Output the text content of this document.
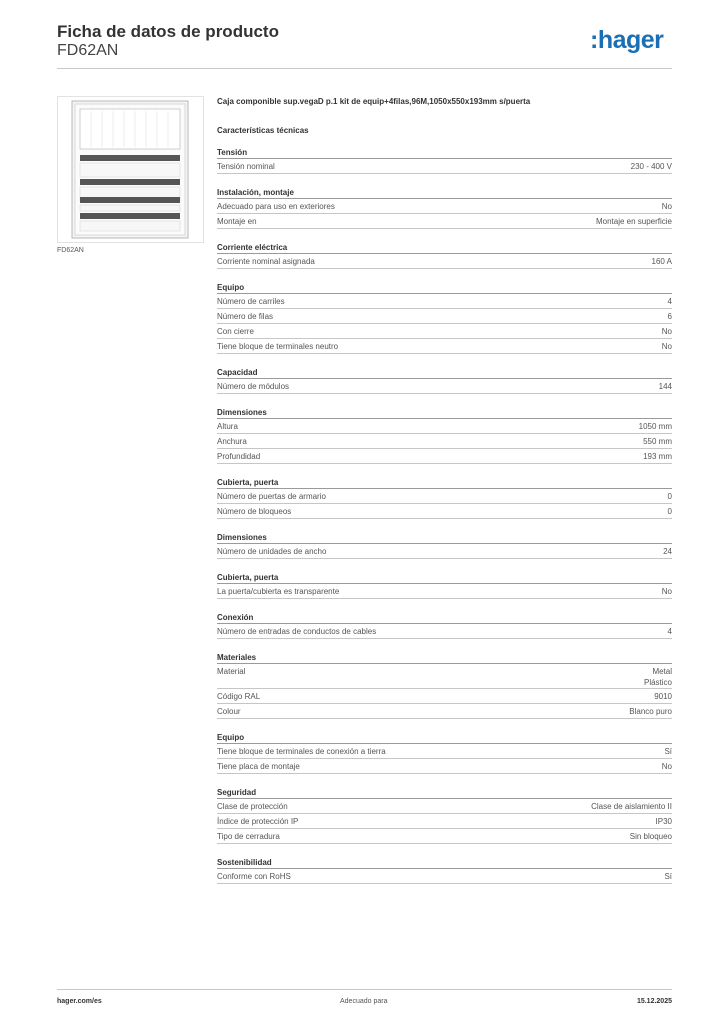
Ficha de datos de producto
FD62AN	:hager
FD62AN
Caja componible sup.vegaD p.1 kit de equip+4filas,96M,1050x550x193mm s/puerta
Características técnicas
Tensión
Tensión nominal	230 - 400 V
Instalación, montaje
Adecuado para uso en exteriores	No
Montaje en	Montaje en superficie
Corriente eléctrica
Corriente nominal asignada	160 A
Equipo
Número de carriles	4
Número de filas	6
Con cierre	No
Tiene bloque de terminales neutro	No
Capacidad
Número de módulos	144
Dimensiones
Altura	1050 mm
Anchura	550 mm
Profundidad	193 mm
Cubierta, puerta
Número de puertas de armario	0
Número de bloqueos	0
Dimensiones
Número de unidades de ancho	24
Cubierta, puerta
La puerta/cubierta es transparente	No
Conexión
Número de entradas de conductos de cables	4
Materiales
Material	Metal
Plástico
Código RAL	9010
Colour	Blanco puro
Equipo
Tiene bloque de terminales de conexión a tierra	Sí
Tiene placa de montaje	No
Seguridad
Clase de protección	Clase de aislamiento II
Índice de protección IP	IP30
Tipo de cerradura	Sin bloqueo
Sostenibilidad
Conforme con RoHS	Sí
hager.com/es	Adecuado para	15.12.2025
